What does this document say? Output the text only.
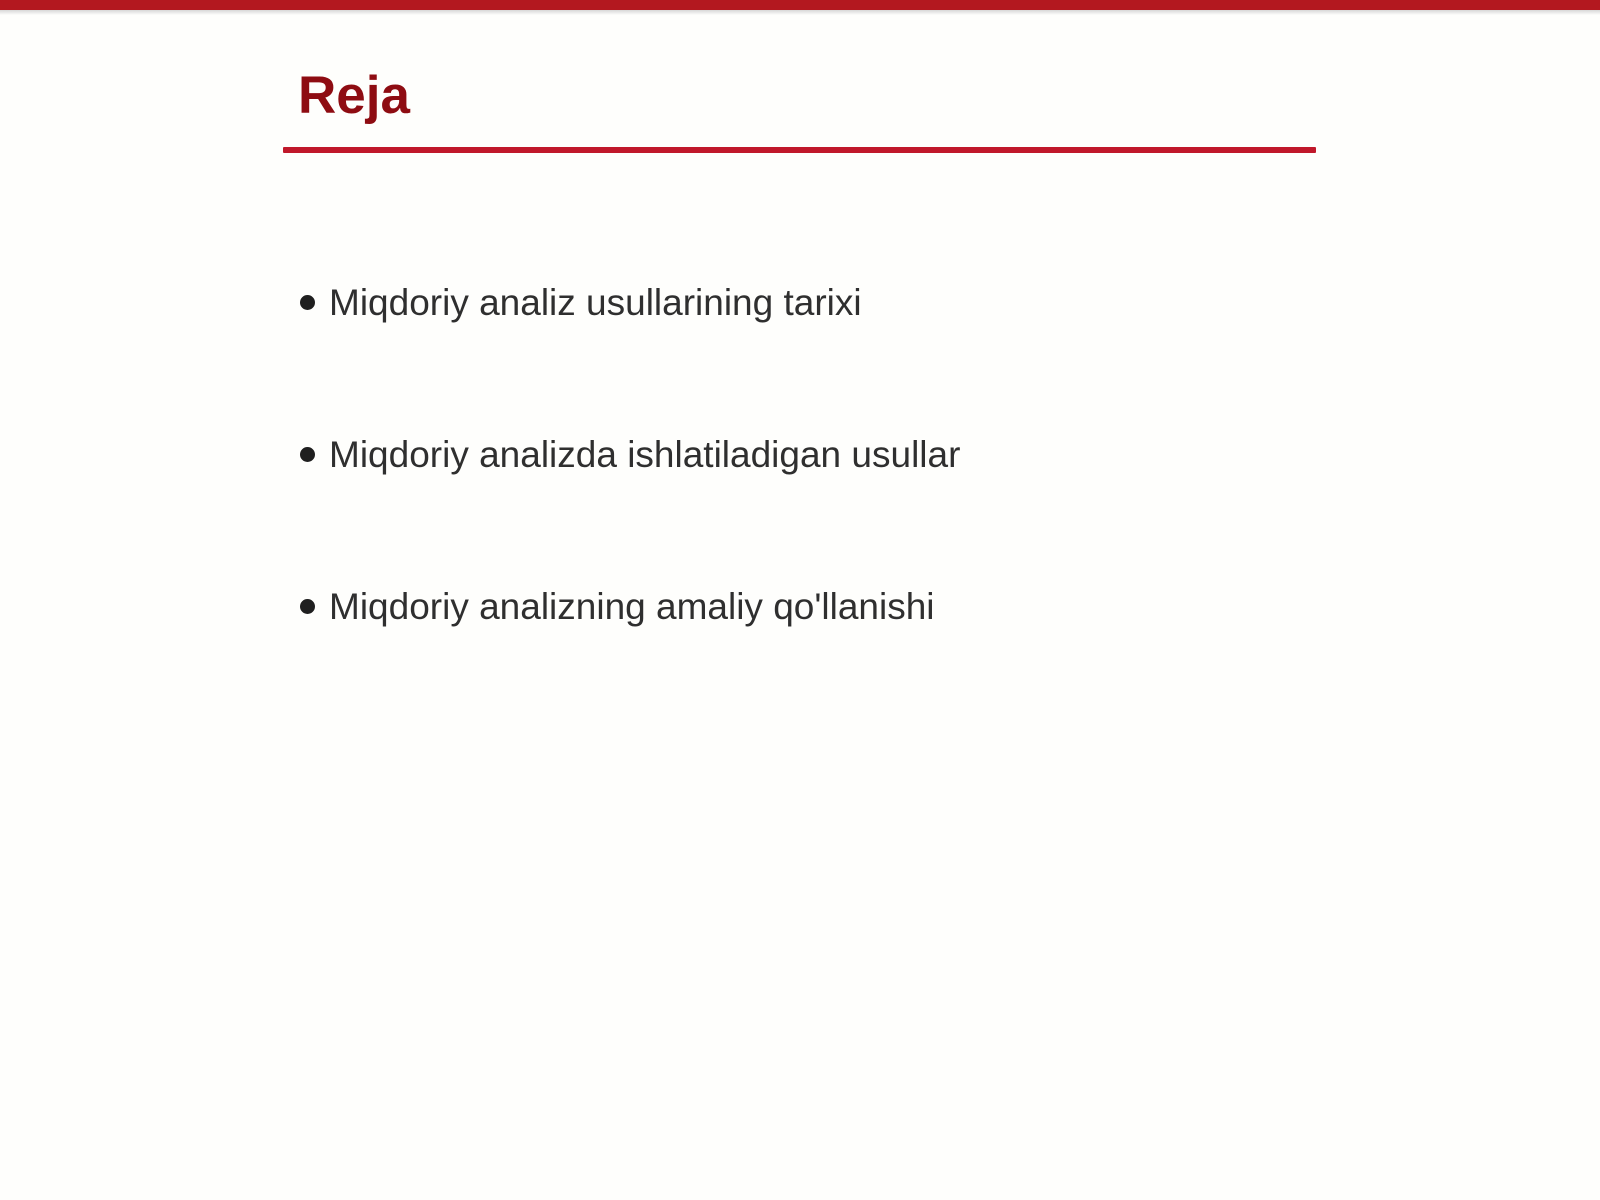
Reja
Miqdoriy analiz usullarining tarixi
Miqdoriy analizda ishlatiladigan usullar
Miqdoriy analizning amaliy qo'llanishi
